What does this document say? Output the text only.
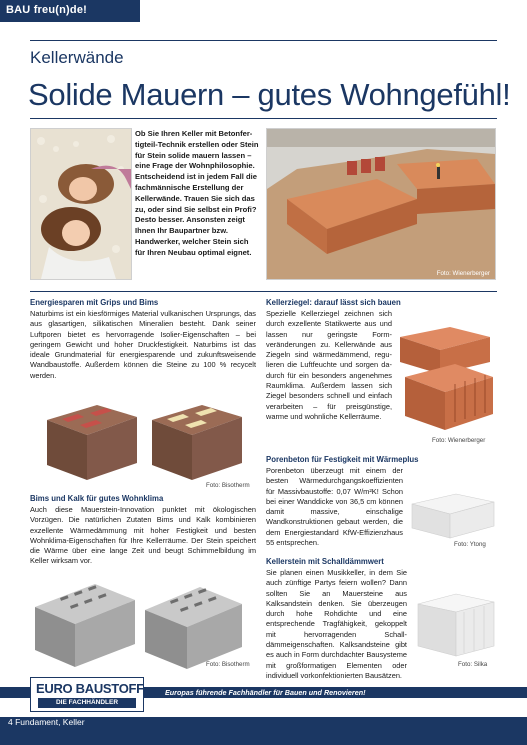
BAU freu(n)de!
Kellerwände
Solide Mauern – gutes Wohngefühl!
Ob Sie Ihren Keller mit Betonfertigteil-Technik erstellen oder Stein für Stein solide mauern lassen – eine Frage der Wohnphilosophie. Entscheidend ist in jedem Fall die fachmännische Erstellung der Kellerwände. Trauen Sie sich das zu, oder sind Sie selbst ein Profi? Desto besser. Ansonsten zeigt Ihnen Ihr Baupartner bzw. Handwerker, welcher Stein sich für Ihren Neubau optimal eignet.
Foto: Wienerberger
Energiesparen mit Grips und Bims
Naturbims ist ein kiesförmiges Material vulkanischen Ursprungs, das aus glasartigen, silikatischen Mineralien besteht. Dank seiner Luftporen bietet es hervorragende Isolier-Eigenschaften – bei geringem Gewicht und hoher Druckfestigkeit. Naturbims ist das ideale Grundmaterial für energiesparende und zukunftsweisende Wandbaustoffe. Außerdem können die Steine zu 100 % recycelt werden.
Foto: Bisotherm
Bims und Kalk für gutes Wohnklima
Auch diese Mauerstein-Innovation punktet mit ökologischen Vorzügen. Die natürlichen Zutaten Bims und Kalk kombinieren exzellente Wärmedämmung mit hoher Festigkeit und besten Wohnklima-Eigenschaften für Ihre Kellerräume. Der Stein speichert die Wärme über eine lange Zeit und beugt Schimmelbildung im Keller wirksam vor.
Foto: Bisotherm
Kellerziegel: darauf lässt sich bauen
Spezielle Kellerziegel zeichnen sich durch exzellente Statikwerte aus und lassen nur geringste Formveränderungen zu. Kellerwände aus Ziegeln sind wärmedämmend, regulieren die Luftfeuchte und sorgen dadurch für ein besonders angenehmes Raumklima. Außerdem lassen sich Ziegel besonders schnell und einfach verarbeiten – für preisgünstige, warme und wohnliche Kellerräume.
Foto: Wienerberger
Porenbeton für Festigkeit mit Wärmeplus
Porenbeton überzeugt mit einem der besten Wärmedurchgangskoeffizienten für Massivbaustoffe: 0,07 W/m²K! Schon bei einer Wanddicke von 36,5 cm können damit massive, einschalige Wandkonstruktionen gebaut werden, die dem Energiestandard KfW-Effizienzhaus 55 entsprechen.	Foto: Ytong
Kellerstein mit Schalldämmwert
Sie planen einen Musikkeller, in dem Sie auch zünftige Partys feiern wollen? Dann sollten Sie an Mauersteine aus Kalksandstein denken. Sie überzeugen durch hohe Rohdichte und eine entsprechende Tragfähigkeit, gekoppelt mit hervorragenden Schalldämmeigenschaften. Kalksandsteine gibt es auch in Form durchdachter Bausysteme mit großformatigen Elementen oder individuell vorkonfektionierten Bausätzen.
Foto: Silka
Europas führende Fachhändler für Bauen und Renovieren!
EURO BAUSTOFF
DIE FACHHÄNDLER
4 Fundament, Keller
